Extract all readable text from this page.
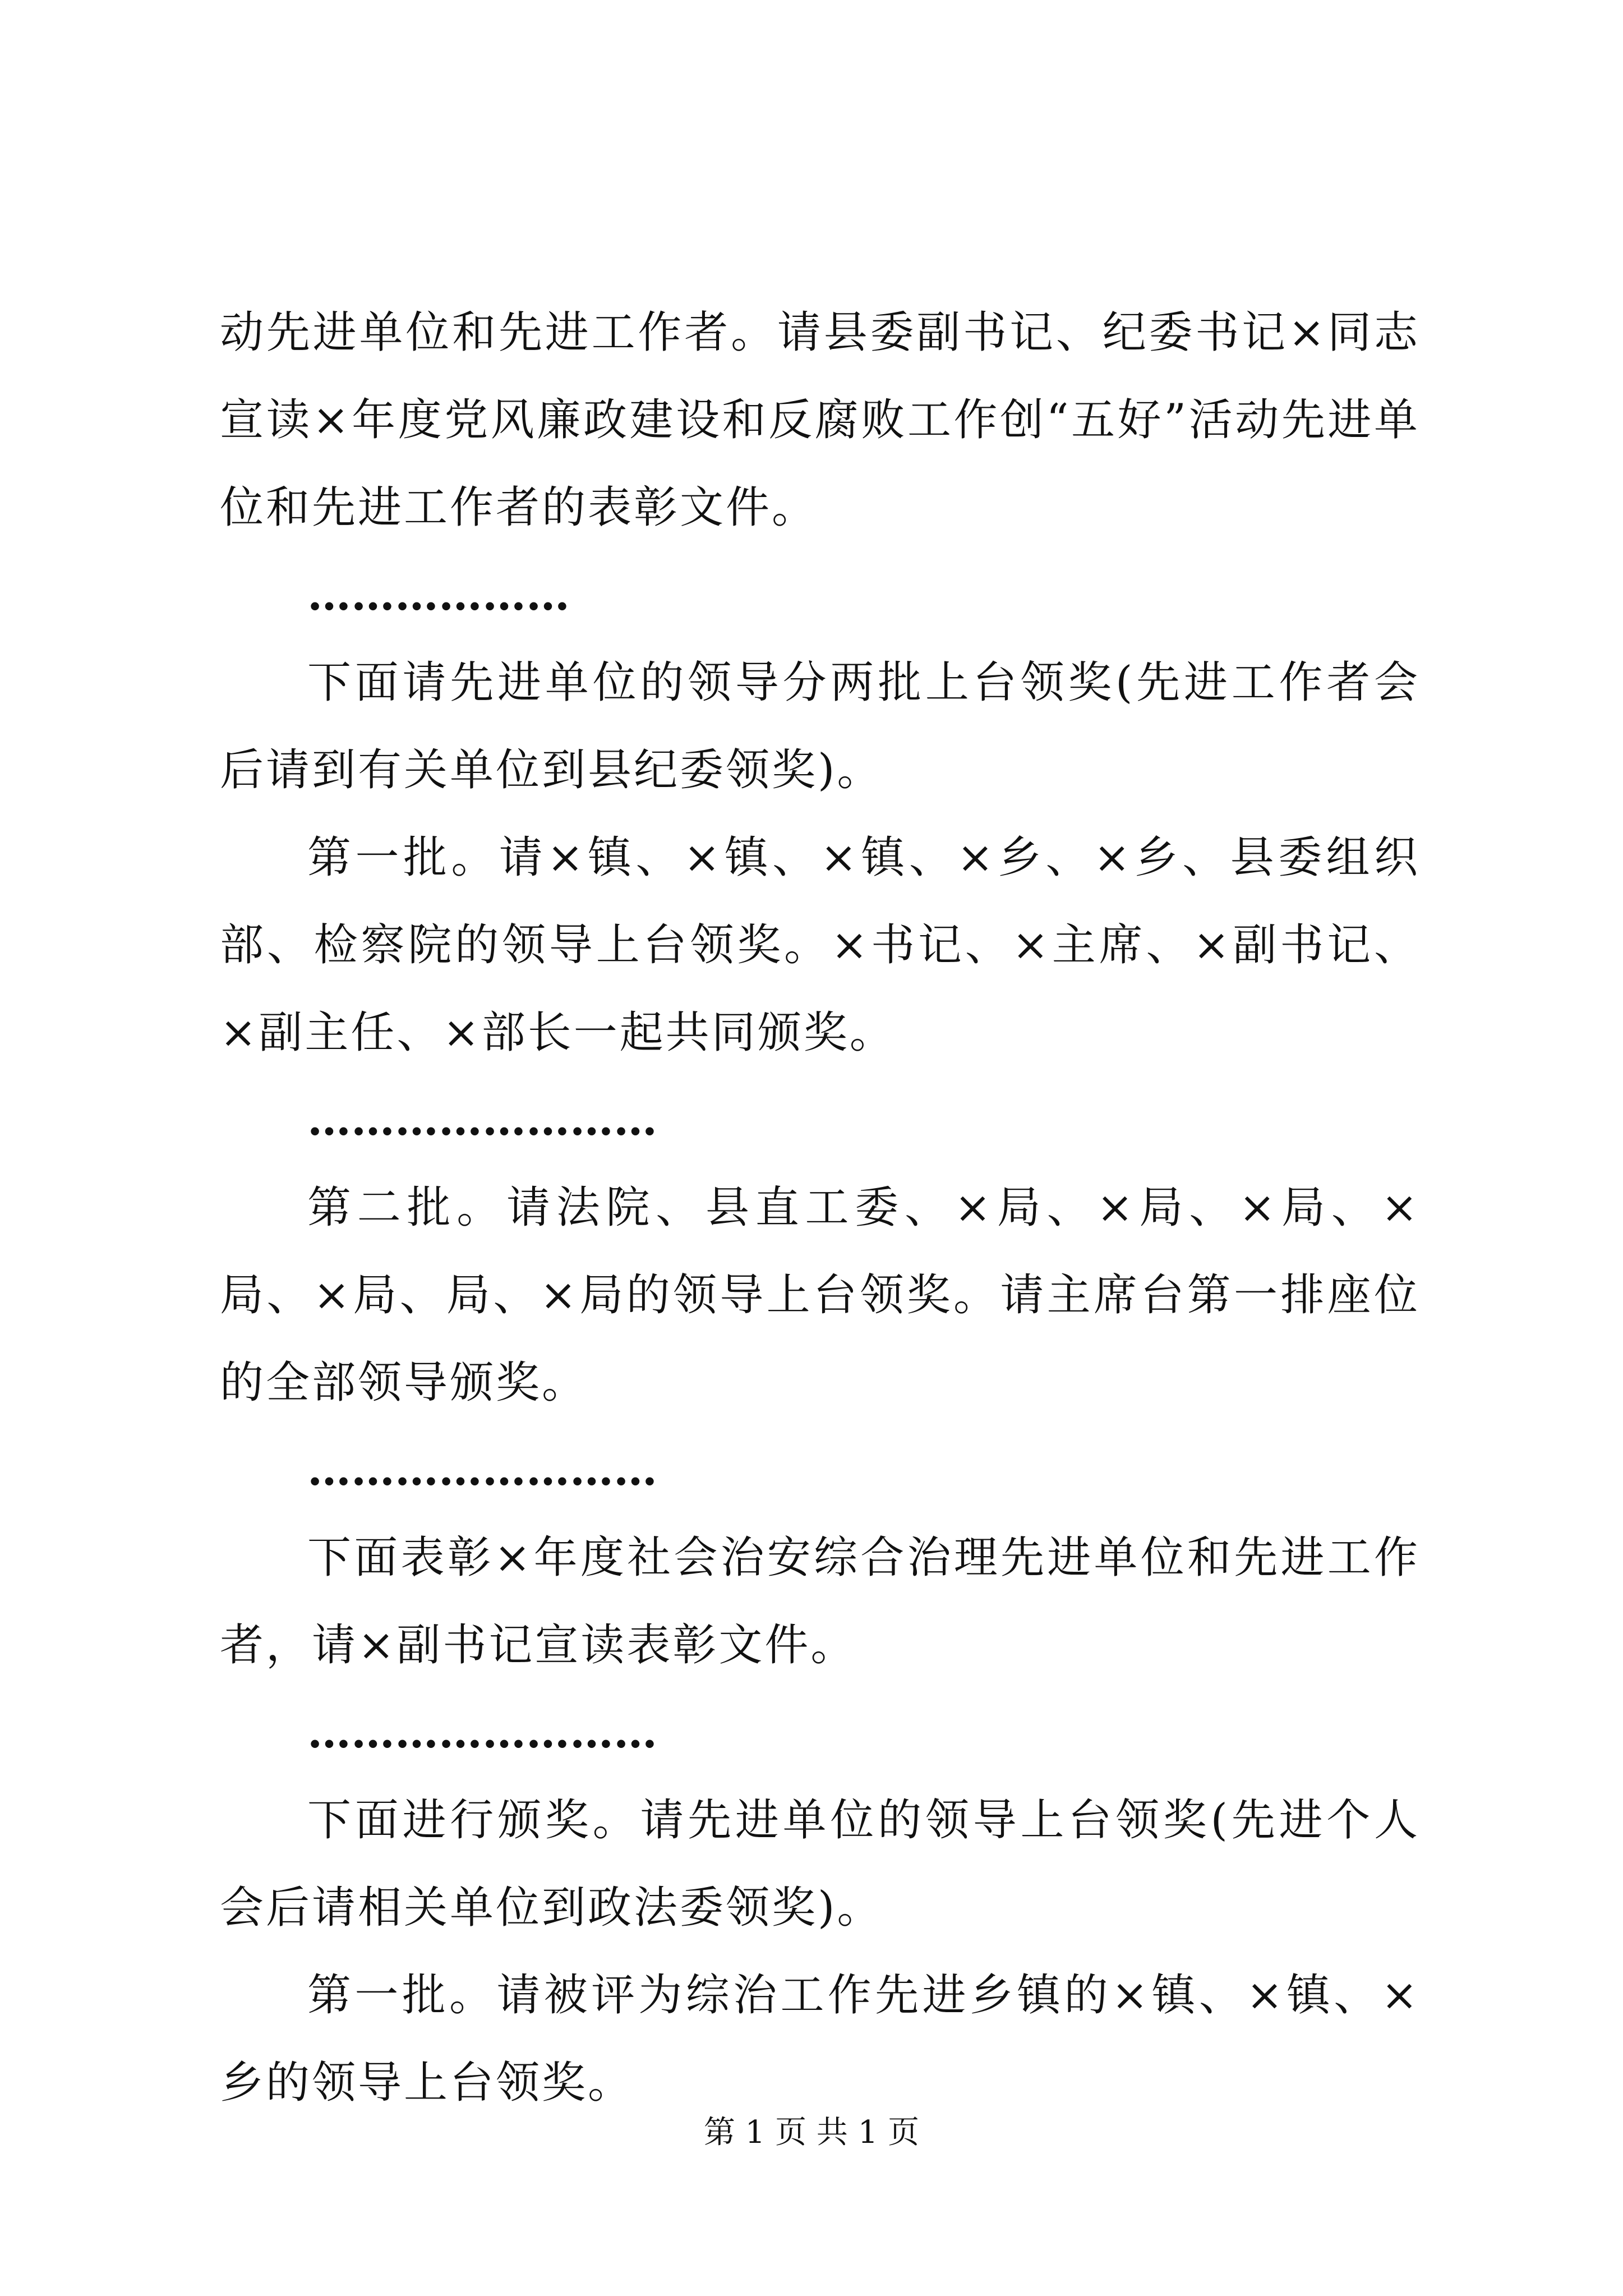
动先进单位和先进工作者。请县委副书记、纪委书记×同志宣读×年度党风廉政建设和反腐败工作创“五好”活动先进单位和先进工作者的表彰文件。

………………

下面请先进单位的领导分两批上台领奖(先进工作者会后请到有关单位到县纪委领奖)。

第一批。请×镇、×镇、×镇、×乡、×乡、县委组织部、检察院的领导上台领奖。×书记、×主席、×副书记、×副主任、×部长一起共同颁奖。

……………………

第二批。请法院、县直工委、×局、×局、×局、×局、×局、局、×局的领导上台领奖。请主席台第一排座位的全部领导颁奖。

……………………

下面表彰×年度社会治安综合治理先进单位和先进工作者，请×副书记宣读表彰文件。

……………………

下面进行颁奖。请先进单位的领导上台领奖(先进个人会后请相关单位到政法委领奖)。

第一批。请被评为综治工作先进乡镇的×镇、×镇、×乡的领导上台领奖。

第 1 页 共 1 页
